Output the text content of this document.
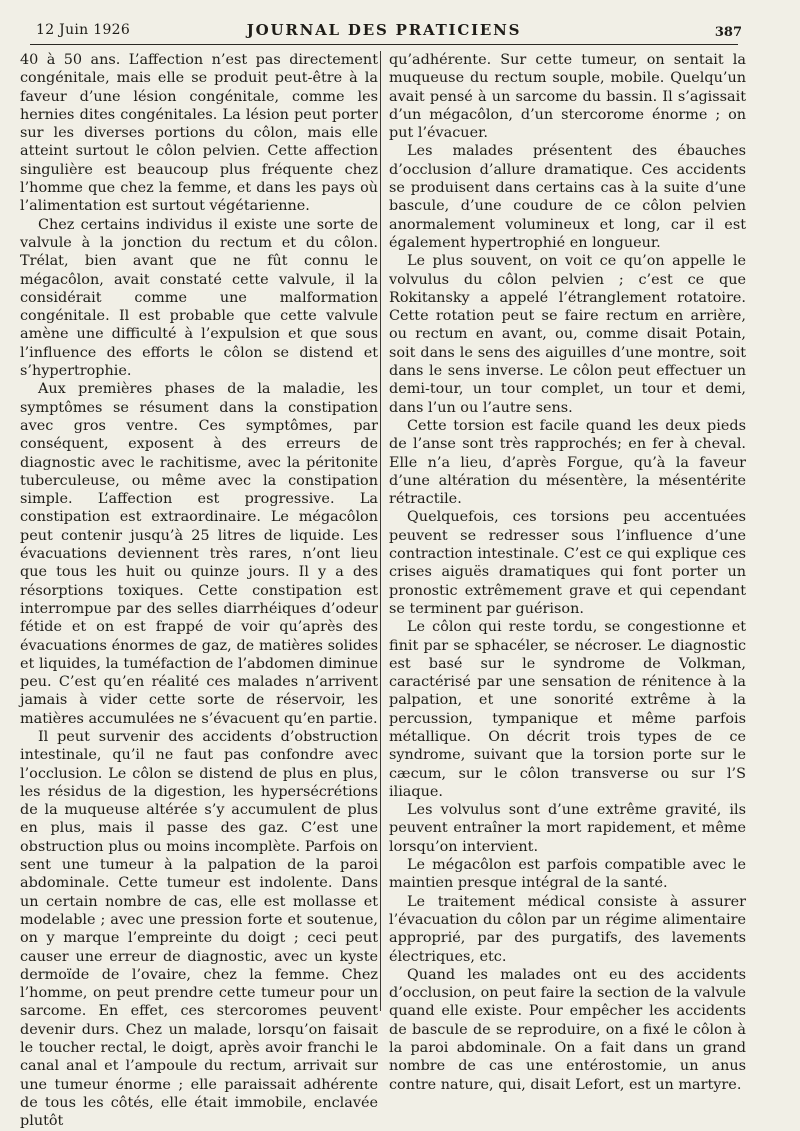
12 Juin 1926	JOURNAL DES PRATICIENS	387

40 à 50 ans. L’affection n’est pas directement congénitale, mais elle se produit peut-être à la faveur d’une lésion congénitale, comme les hernies dites congénitales. La lésion peut porter sur les diverses portions du côlon, mais elle atteint surtout le côlon pelvien. Cette affection singulière est beaucoup plus fréquente chez l’homme que chez la femme, et dans les pays où l’alimentation est surtout végétarienne.

Chez certains individus il existe une sorte de valvule à la jonction du rectum et du côlon. Trélat, bien avant que ne fût connu le mégacôlon, avait constaté cette valvule, il la considérait comme une malformation congénitale. Il est probable que cette valvule amène une difficulté à l’expulsion et que sous l’influence des efforts le côlon se distend et s’hypertrophie.

Aux premières phases de la maladie, les symptômes se résument dans la constipation avec gros ventre. Ces symptômes, par conséquent, exposent à des erreurs de diagnostic avec le rachitisme, avec la péritonite tuberculeuse, ou même avec la constipation simple. L’affection est progressive. La constipation est extraordinaire. Le mégacôlon peut contenir jusqu’à 25 litres de liquide. Les évacuations deviennent très rares, n’ont lieu que tous les huit ou quinze jours. Il y a des résorptions toxiques. Cette constipation est interrompue par des selles diarrhéiques d’odeur fétide et on est frappé de voir qu’après des évacuations énormes de gaz, de matières solides et liquides, la tuméfaction de l’abdomen diminue peu. C’est qu’en réalité ces malades n’arrivent jamais à vider cette sorte de réservoir, les matières accumulées ne s’évacuent qu’en partie.

Il peut survenir des accidents d’obstruction intestinale, qu’il ne faut pas confondre avec l’occlusion. Le côlon se distend de plus en plus, les résidus de la digestion, les hypersécrétions de la muqueuse altérée s’y accumulent de plus en plus, mais il passe des gaz. C’est une obstruction plus ou moins incomplète. Parfois on sent une tumeur à la palpation de la paroi abdominale. Cette tumeur est indolente. Dans un certain nombre de cas, elle est mollasse et modelable ; avec une pression forte et soutenue, on y marque l’empreinte du doigt ; ceci peut causer une erreur de diagnostic, avec un kyste dermoïde de l’ovaire, chez la femme. Chez l’homme, on peut prendre cette tumeur pour un sarcome. En effet, ces stercoromes peuvent devenir durs. Chez un malade, lorsqu’on faisait le toucher rectal, le doigt, après avoir franchi le canal anal et l’ampoule du rectum, arrivait sur une tumeur énorme ; elle paraissait adhérente de tous les côtés, elle était immobile, enclavée plutôt

qu’adhérente. Sur cette tumeur, on sentait la muqueuse du rectum souple, mobile. Quelqu’un avait pensé à un sarcome du bassin. Il s’agissait d’un mégacôlon, d’un stercorome énorme ; on put l’évacuer.

Les malades présentent des ébauches d’occlusion d’allure dramatique. Ces accidents se produisent dans certains cas à la suite d’une bascule, d’une coudure de ce côlon pelvien anormalement volumineux et long, car il est également hypertrophié en longueur.

Le plus souvent, on voit ce qu’on appelle le volvulus du côlon pelvien ; c’est ce que Rokitansky a appelé l’étranglement rotatoire. Cette rotation peut se faire rectum en arrière, ou rectum en avant, ou, comme disait Potain, soit dans le sens des aiguilles d’une montre, soit dans le sens inverse. Le côlon peut effectuer un demi-tour, un tour complet, un tour et demi, dans l’un ou l’autre sens.

Cette torsion est facile quand les deux pieds de l’anse sont très rapprochés; en fer à cheval. Elle n’a lieu, d’après Forgue, qu’à la faveur d’une altération du mésentère, la mésentérite rétractile.

Quelquefois, ces torsions peu accentuées peuvent se redresser sous l’influence d’une contraction intestinale. C’est ce qui explique ces crises aiguës dramatiques qui font porter un pronostic extrêmement grave et qui cependant se terminent par guérison.

Le côlon qui reste tordu, se congestionne et finit par se sphacéler, se nécroser. Le diagnostic est basé sur le syndrome de Volkman, caractérisé par une sensation de rénitence à la palpation, et une sonorité extrême à la percussion, tympanique et même parfois métallique. On décrit trois types de ce syndrome, suivant que la torsion porte sur le cæcum, sur le côlon transverse ou sur l’S iliaque.

Les volvulus sont d’une extrême gravité, ils peuvent entraîner la mort rapidement, et même lorsqu’on intervient.

Le mégacôlon est parfois compatible avec le maintien presque intégral de la santé.

Le traitement médical consiste à assurer l’évacuation du côlon par un régime alimentaire approprié, par des purgatifs, des lavements électriques, etc.

Quand les malades ont eu des accidents d’occlusion, on peut faire la section de la valvule quand elle existe. Pour empêcher les accidents de bascule de se reproduire, on a fixé le côlon à la paroi abdominale. On a fait dans un grand nombre de cas une entérostomie, un anus contre nature, qui, disait Lefort, est un martyre.
